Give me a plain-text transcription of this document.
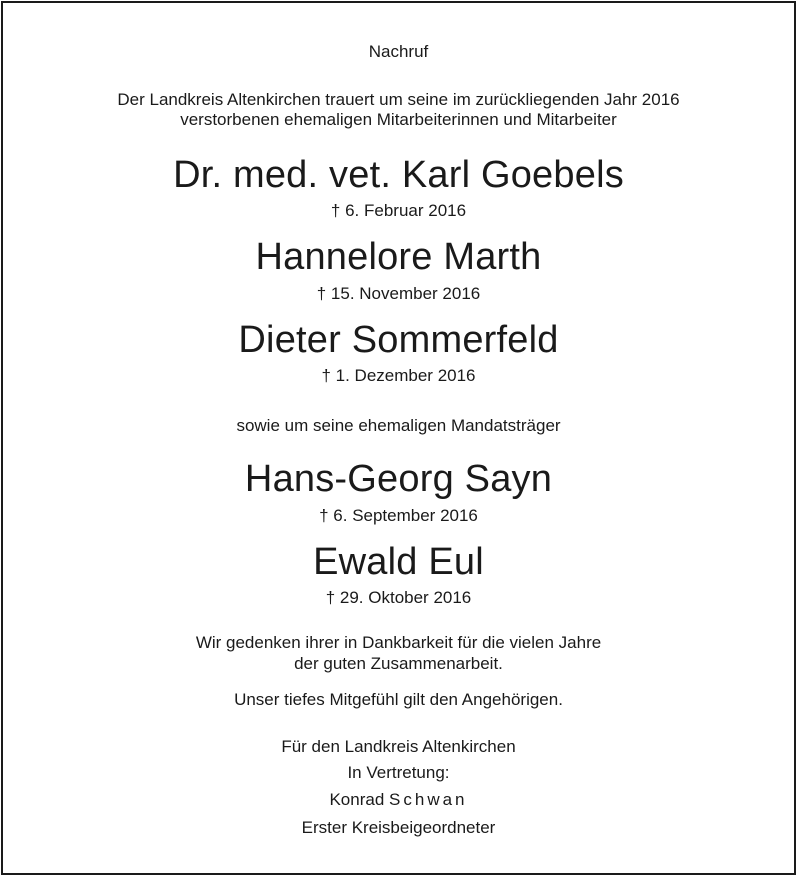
Nachruf
Der Landkreis Altenkirchen trauert um seine im zurückliegenden Jahr 2016
verstorbenen ehemaligen Mitarbeiterinnen und Mitarbeiter
Dr. med. vet. Karl Goebels
† 6. Februar 2016
Hannelore Marth
† 15. November 2016
Dieter Sommerfeld
† 1. Dezember 2016
sowie um seine ehemaligen Mandatsträger
Hans-Georg Sayn
† 6. September 2016
Ewald Eul
† 29. Oktober 2016
Wir gedenken ihrer in Dankbarkeit für die vielen Jahre
der guten Zusammenarbeit.
Unser tiefes Mitgefühl gilt den Angehörigen.
Für den Landkreis Altenkirchen
In Vertretung:
Konrad Schwan
Erster Kreisbeigeordneter
